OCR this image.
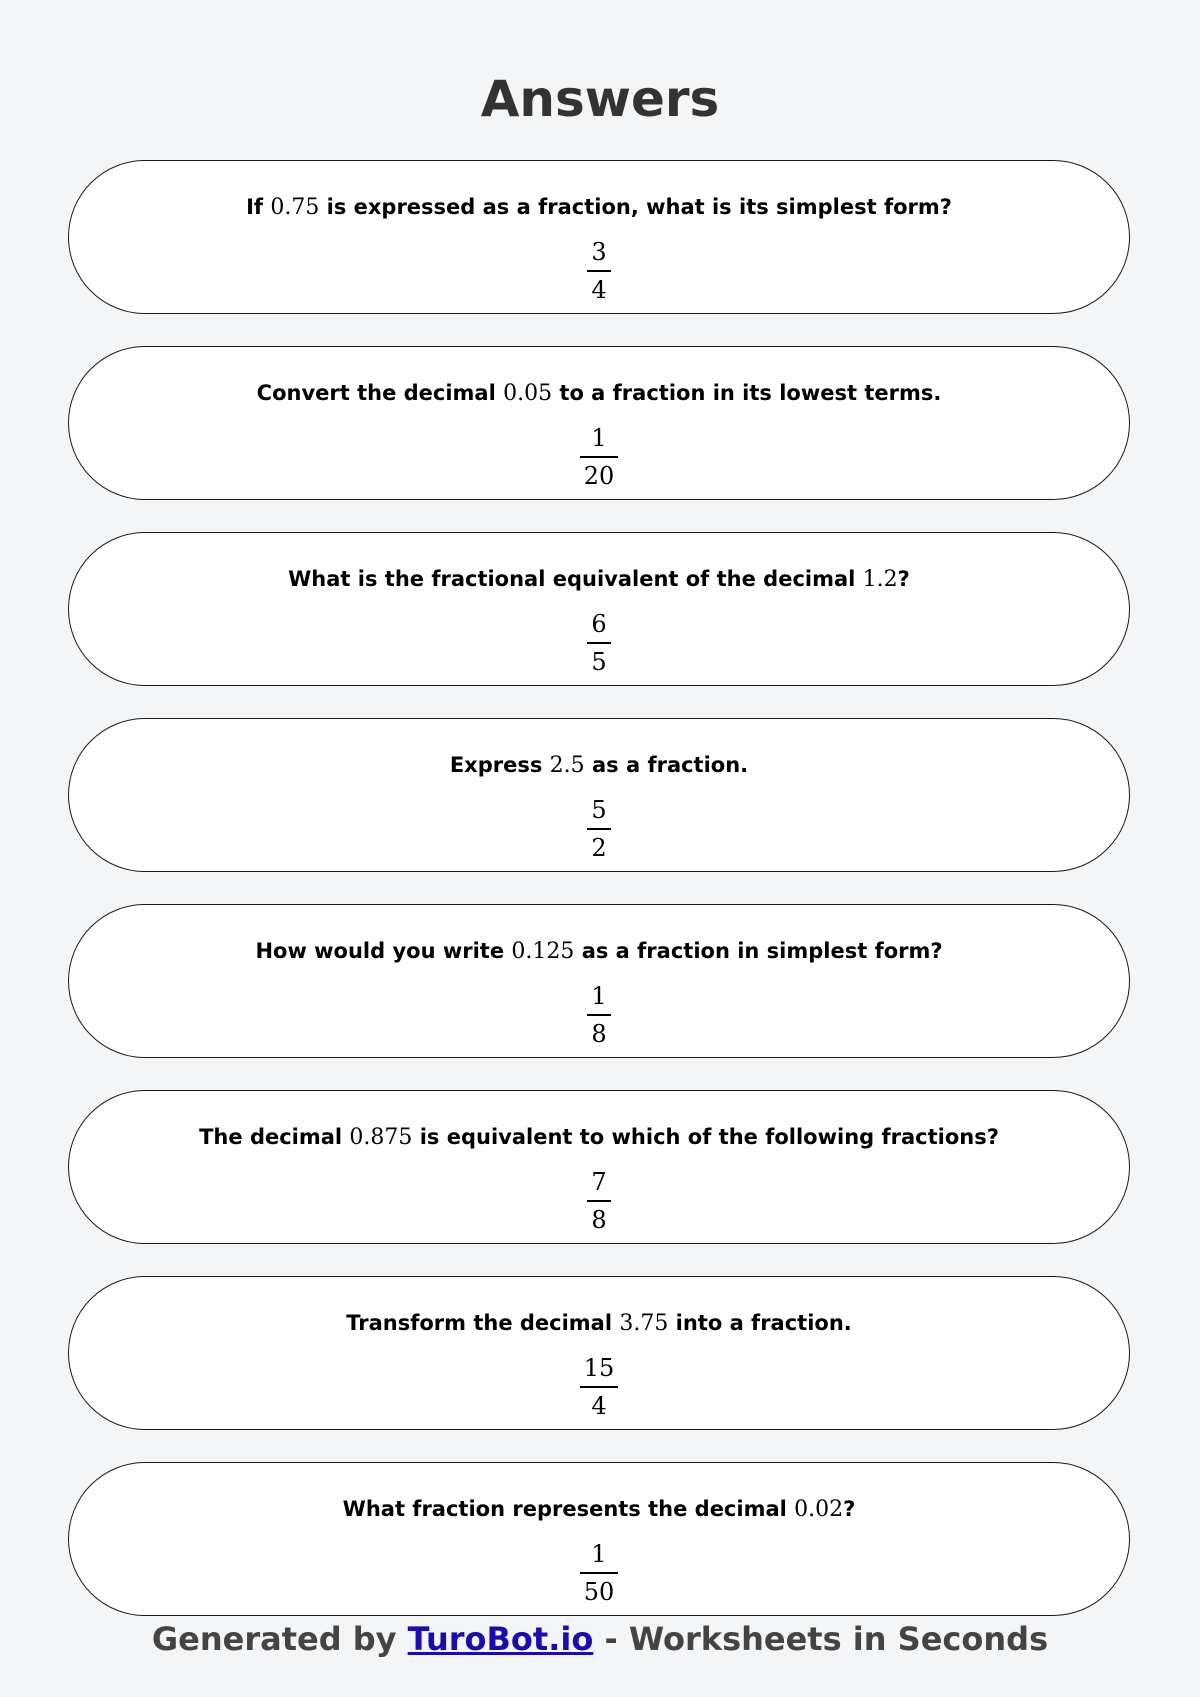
Answers
If 0.75 is expressed as a fraction, what is its simplest form?
$\frac{3}{4}$
Convert the decimal 0.05 to a fraction in its lowest terms.
$\frac{1}{20}$
What is the fractional equivalent of the decimal 1.2?
$\frac{6}{5}$
Express 2.5 as a fraction.
$\frac{5}{2}$
How would you write 0.125 as a fraction in simplest form?
$\frac{1}{8}$
The decimal 0.875 is equivalent to which of the following fractions?
$\frac{7}{8}$
Transform the decimal 3.75 into a fraction.
$\frac{15}{4}$
What fraction represents the decimal 0.02?
$\frac{1}{50}$
Generated by TuroBot.io - Worksheets in Seconds
